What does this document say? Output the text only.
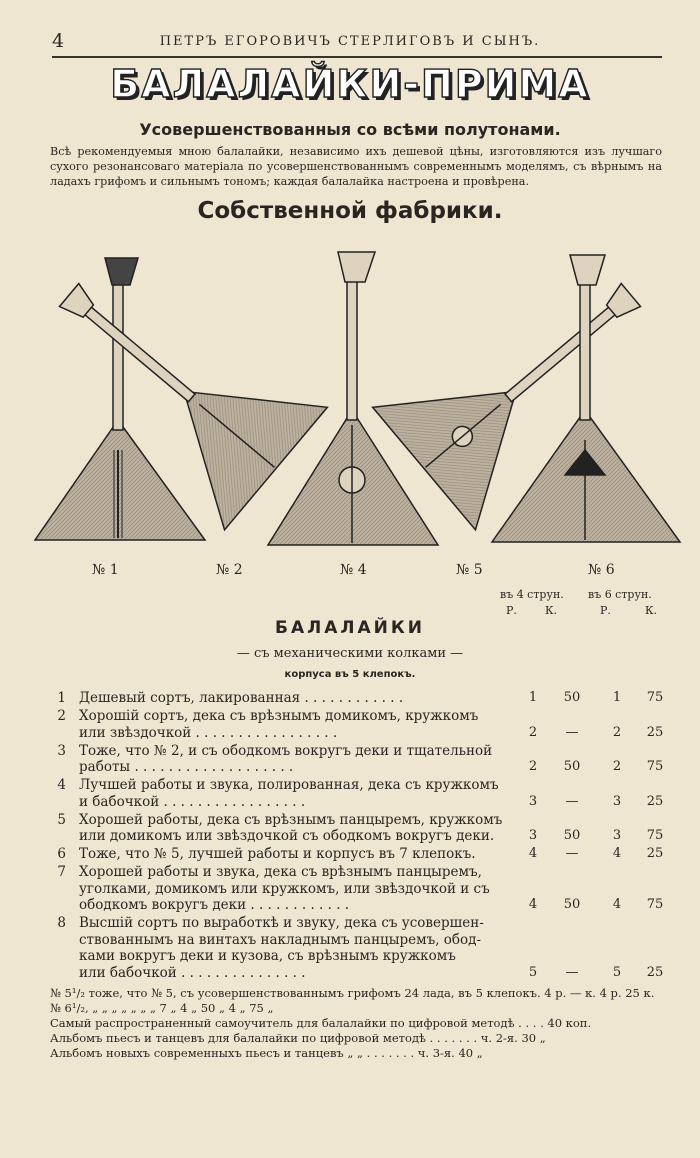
4	ПЕТРЪ ЕГОРОВИЧЪ СТЕРЛИГОВЪ И СЫНЪ.
БАЛАЛАЙКИ-ПРИМА
Усовершенствованныя со всѣми полутонами.
Всѣ рекомендуемыя мною балалайки, независимо ихъ дешевой цѣны, изготовляются изъ лучшаго сухого резонансоваго матеріала по усовершенствованнымъ современнымъ моделямъ, съ вѣрнымъ на ладахъ грифомъ и сильнымъ тономъ; каждая балалайка настроена и провѣрена.
Собственной фабрики.
№ 1	№ 2	№ 4	№ 5	№ 6
въ 4 струн. въ 6 струн.
Р.	К.	Р.	К.
БАЛАЛАЙКИ
— съ механическими колками —
корпуса въ 5 клепокъ.
1 Дешевый сортъ, лакированная . . . . . . . . . . . .	1	50	1	75
2 Хорошій сортъ, дека съ врѣзнымъ домикомъ, кружкомъ
или звѣздочкой . . . . . . . . . . . . . . . . .	2	—	2	25
3 Тоже, что № 2, и съ ободкомъ вокругъ деки и тщательной
работы . . . . . . . . . . . . . . . . . . .	2	50	2	75
4 Лучшей работы и звука, полированная, дека съ кружкомъ
и бабочкой . . . . . . . . . . . . . . . . .	3	—	3	25
5 Хорошей работы, дека съ врѣзнымъ панцыремъ, кружкомъ
или домикомъ или звѣздочкой съ ободкомъ вокругъ деки.	3	50	3	75
6 Тоже, что № 5, лучшей работы и корпусъ въ 7 клепокъ.	4	—	4	25
7 Хорошей работы и звука, дека съ врѣзнымъ панцыремъ,
уголками, домикомъ или кружкомъ, или звѣздочкой и съ
ободкомъ вокругъ деки . . . . . . . . . . . .	4	50	4	75
8 Высшій сортъ по выработкѣ и звуку, дека съ усовершен-
ствованнымъ на винтахъ накладнымъ панцыремъ, обод-
ками вокругъ деки и кузова, съ врѣзнымъ кружкомъ
или бабочкой . . . . . . . . . . . . . . .	5	—	5	25
№ 5¹/₂ тоже, что № 5, съ усовершенствованнымъ грифомъ 24 лада, въ 5 клепокъ. 4 р. — к. 4 р. 25 к.
№ 6¹/₂, „ „ „ „ „ „ „ 7 „ 4 „ 50 „ 4 „ 75 „
Самый распространенный самоучитель для балалайки по цифровой методѣ . . . . 40 коп.
Альбомъ пьесъ и танцевъ для балалайки по цифровой методѣ . . . . . . . ч. 2-я. 30 „
Альбомъ новыхъ современныхъ пьесъ и танцевъ „ „ . . . . . . . ч. 3-я. 40 „
